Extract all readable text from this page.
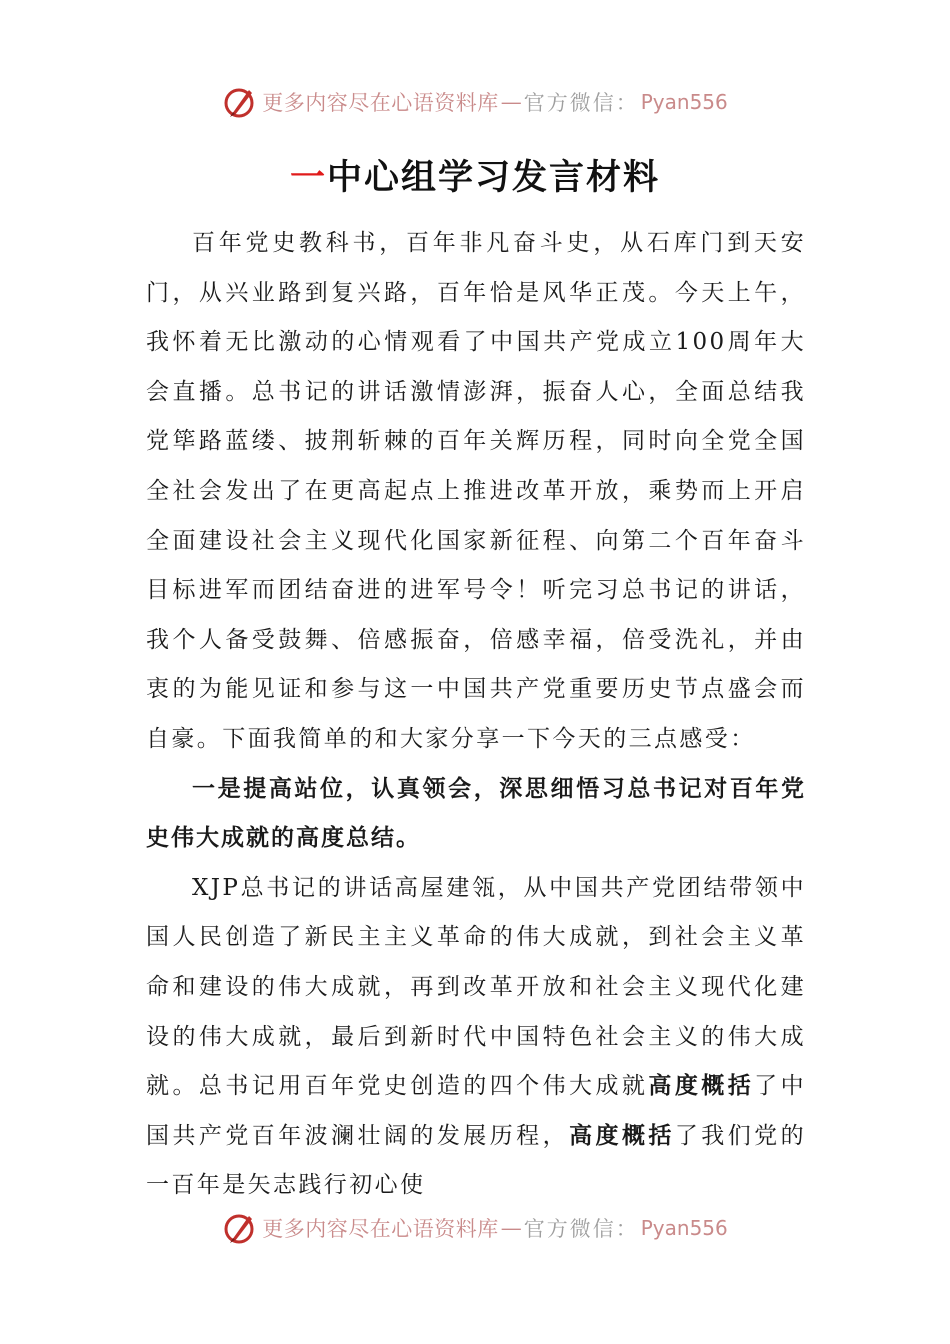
更多内容尽在心语资料库 — 官方微信： Pyan556
一中心组学习发言材料

百年党史教科书，百年非凡奋斗史，从石库门到天安门，从兴业路到复兴路，百年恰是风华正茂。今天上午，我怀着无比激动的心情观看了中国共产党成立100周年大会直播。总书记的讲话激情澎湃，振奋人心，全面总结我党筚路蓝缕、披荆斩棘的百年关辉历程，同时向全党全国全社会发出了在更高起点上推进改革开放，乘势而上开启全面建设社会主义现代化国家新征程、向第二个百年奋斗目标进军而团结奋进的进军号令！听完习总书记的讲话，我个人备受鼓舞、倍感振奋，倍感幸福，倍受洗礼，并由衷的为能见证和参与这一中国共产党重要历史节点盛会而自豪。下面我简单的和大家分享一下今天的三点感受：

一是提高站位，认真领会，深思细悟习总书记对百年党史伟大成就的高度总结。

XJP总书记的讲话高屋建瓴，从中国共产党团结带领中国人民创造了新民主主义革命的伟大成就，到社会主义革命和建设的伟大成就，再到改革开放和社会主义现代化建设的伟大成就，最后到新时代中国特色社会主义的伟大成就。总书记用百年党史创造的四个伟大成就高度概括了中国共产党百年波澜壮阔的发展历程，高度概括了我们党的一百年是矢志践行初心使

更多内容尽在心语资料库 — 官方微信： Pyan556
